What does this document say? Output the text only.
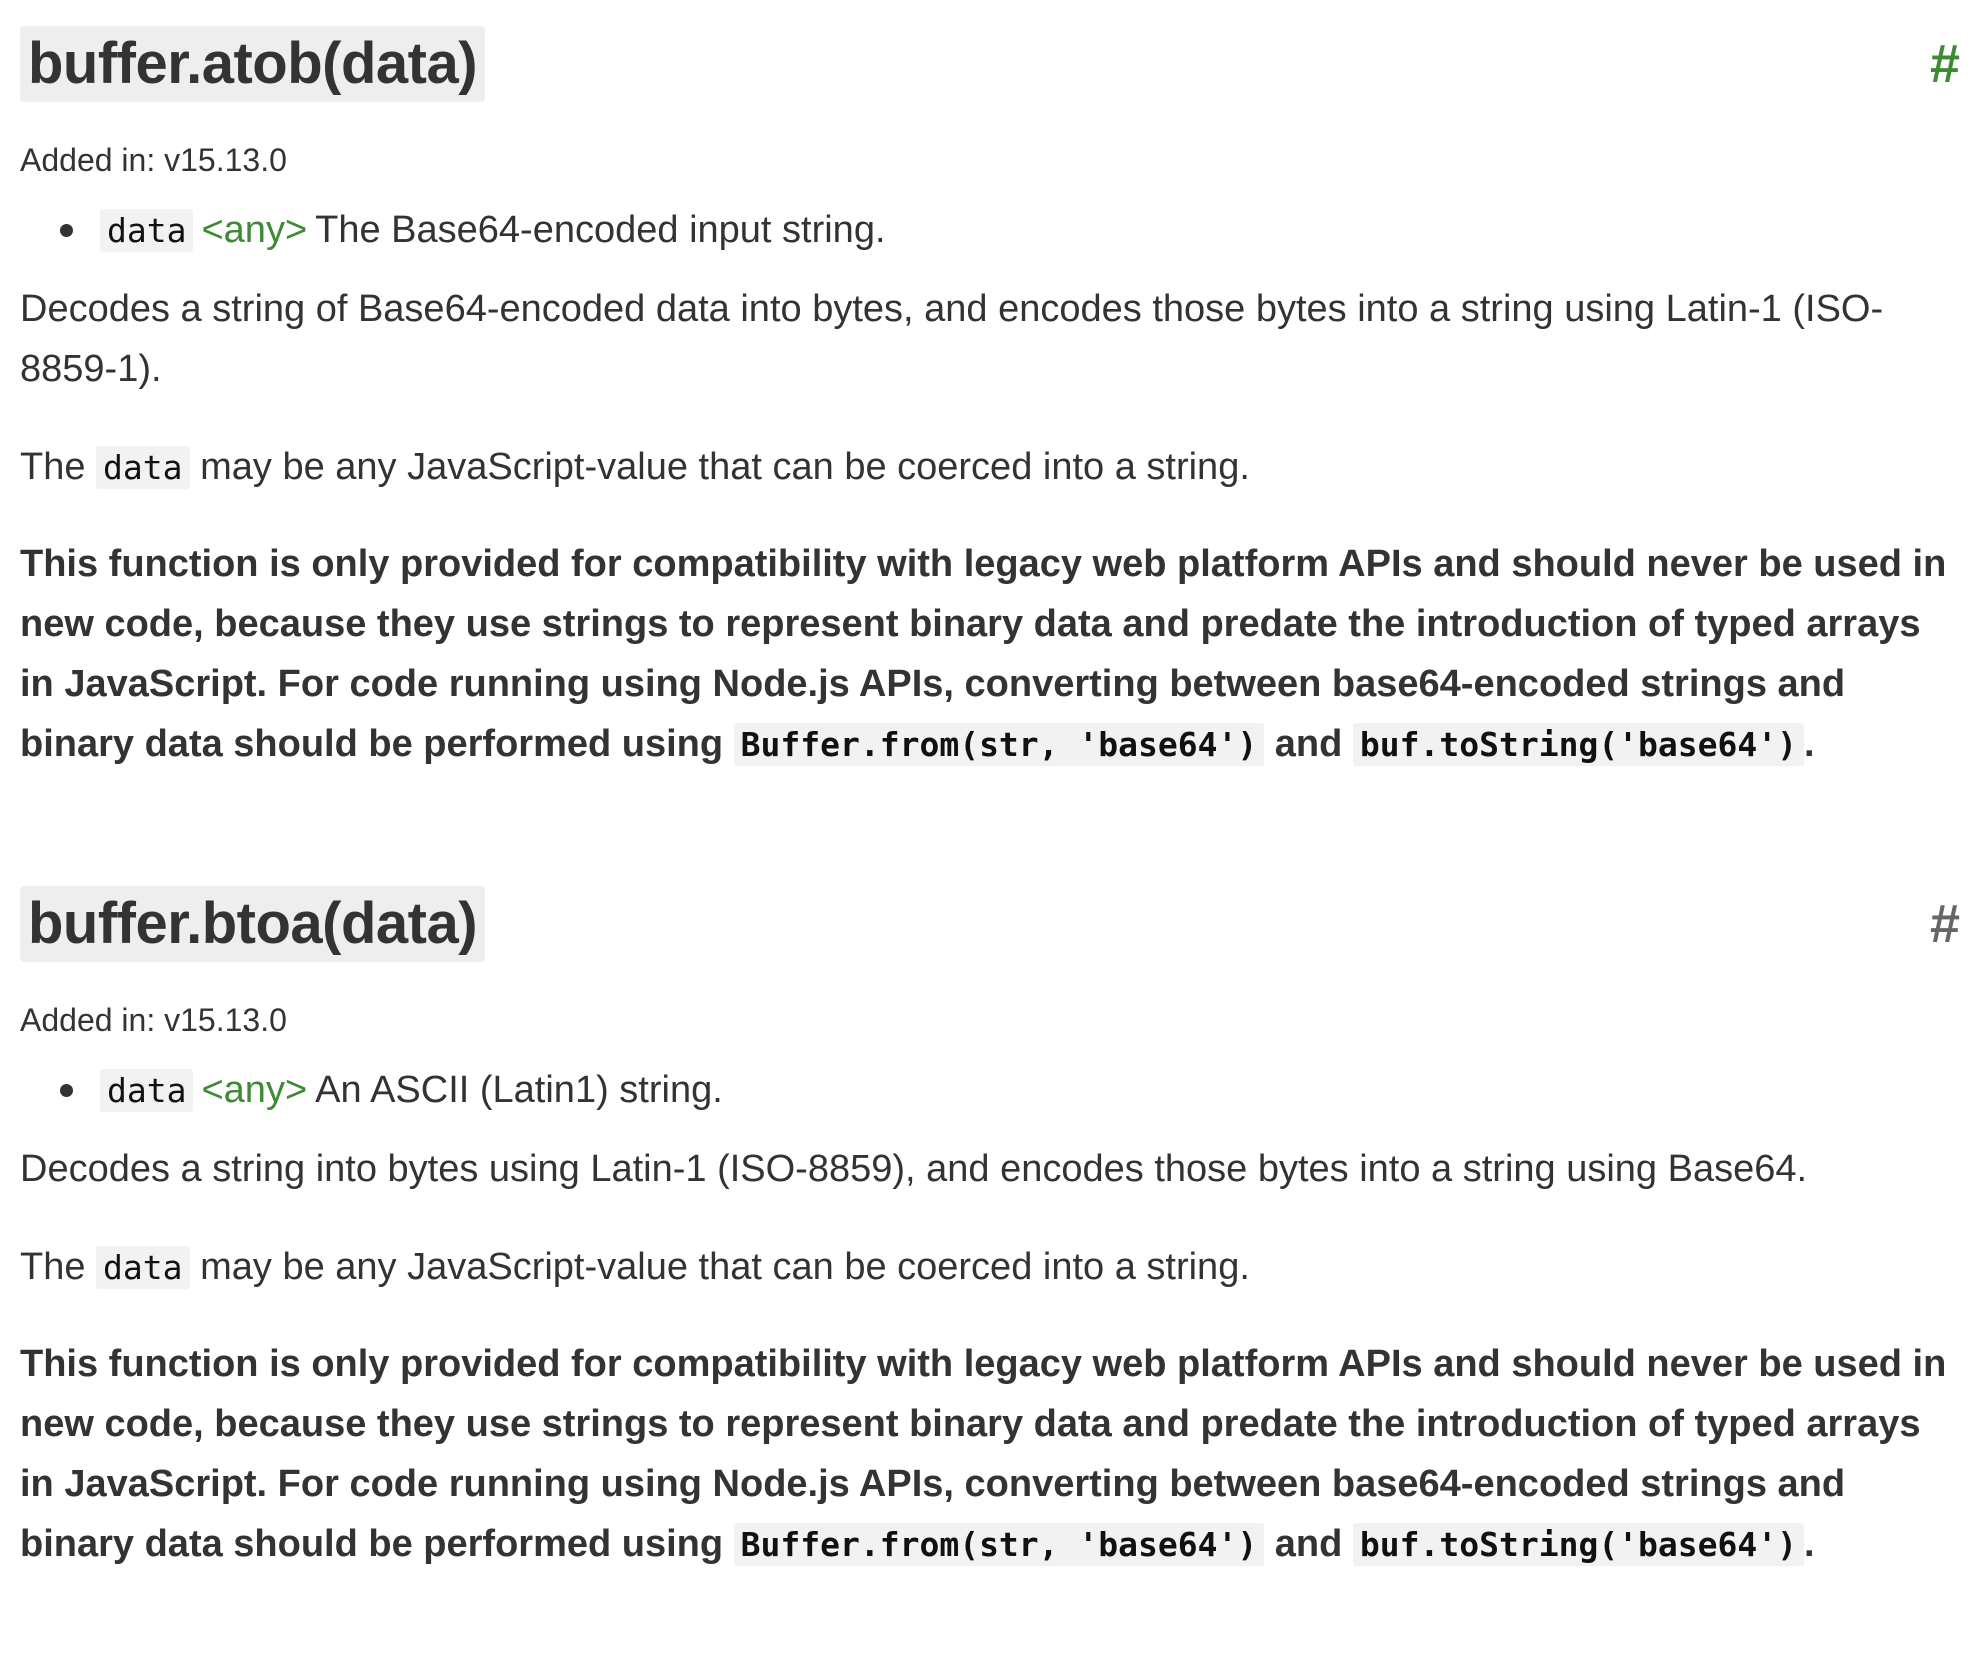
buffer.atob(data)	#
Added in: v15.13.0
data <any> The Base64-encoded input string.

Decodes a string of Base64-encoded data into bytes, and encodes those bytes into a string using Latin-1 (ISO-8859-1).

The data may be any JavaScript-value that can be coerced into a string.

This function is only provided for compatibility with legacy web platform APIs and should never be used in new code, because they use strings to represent binary data and predate the introduction of typed arrays in JavaScript. For code running using Node.js APIs, converting between base64-encoded strings and binary data should be performed using Buffer.from(str, 'base64') and buf.toString('base64') .

buffer.btoa(data)	#
Added in: v15.13.0
data <any> An ASCII (Latin1) string.

Decodes a string into bytes using Latin-1 (ISO-8859), and encodes those bytes into a string using Base64.

The data may be any JavaScript-value that can be coerced into a string.

This function is only provided for compatibility with legacy web platform APIs and should never be used in new code, because they use strings to represent binary data and predate the introduction of typed arrays in JavaScript. For code running using Node.js APIs, converting between base64-encoded strings and binary data should be performed using Buffer.from(str, 'base64') and buf.toString('base64') .
